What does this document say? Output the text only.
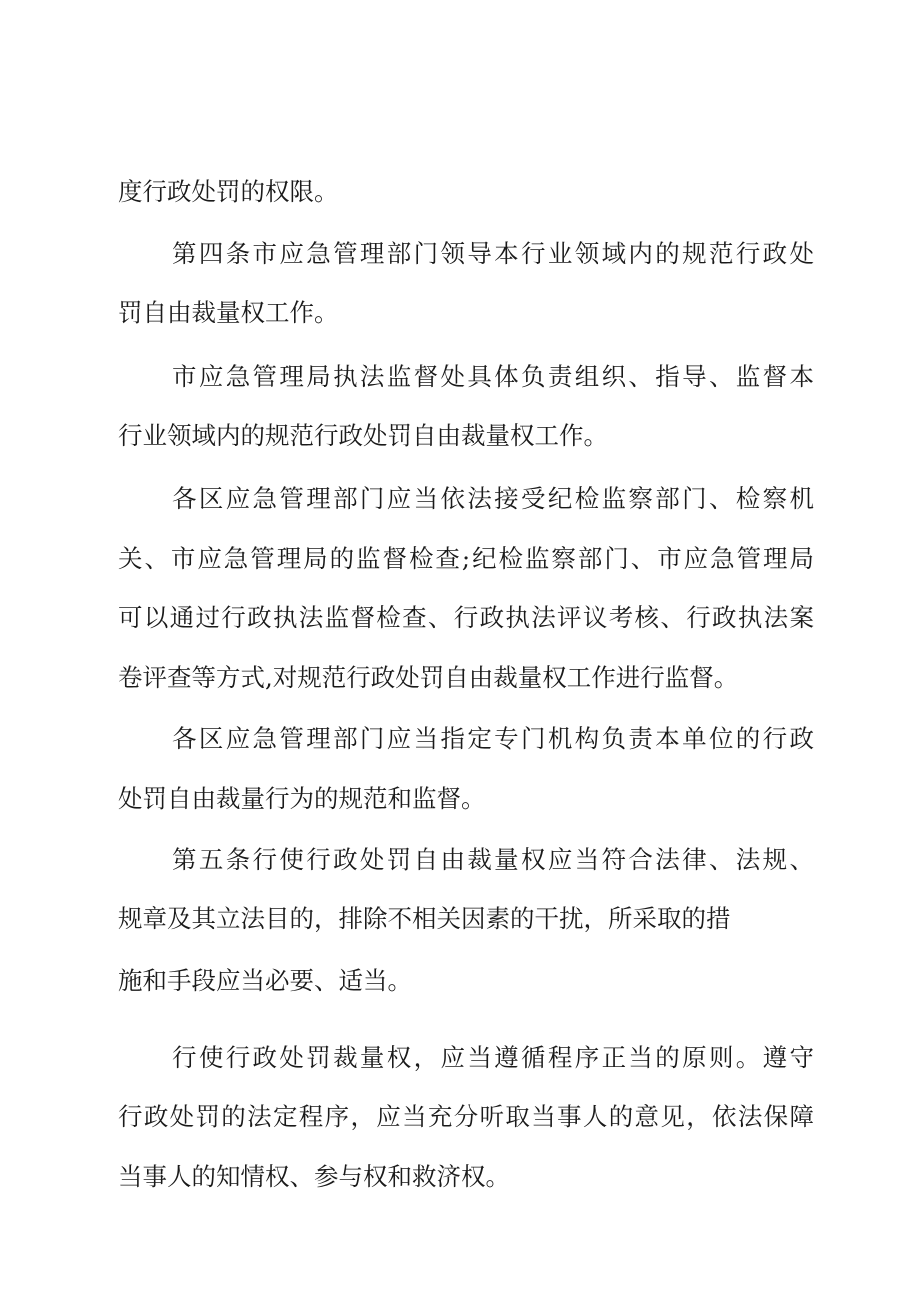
度行政处罚的权限。
第四条市应急管理部门领导本行业领域内的规范行政处
罚自由裁量权工作。
市应急管理局执法监督处具体负责组织、指导、监督本
行业领域内的规范行政处罚自由裁量权工作。
各区应急管理部门应当依法接受纪检监察部门、检察机
关、市应急管理局的监督检查;纪检监察部门、市应急管理局
可以通过行政执法监督检查、行政执法评议考核、行政执法案
卷评查等方式,对规范行政处罚自由裁量权工作进行监督。
各区应急管理部门应当指定专门机构负责本单位的行政
处罚自由裁量行为的规范和监督。
第五条行使行政处罚自由裁量权应当符合法律、法规、
规章及其立法目的，排除不相关因素的干扰，所采取的措
施和手段应当必要、适当。
行使行政处罚裁量权，应当遵循程序正当的原则。遵守
行政处罚的法定程序，应当充分听取当事人的意见，依法保障
当事人的知情权、参与权和救济权。
